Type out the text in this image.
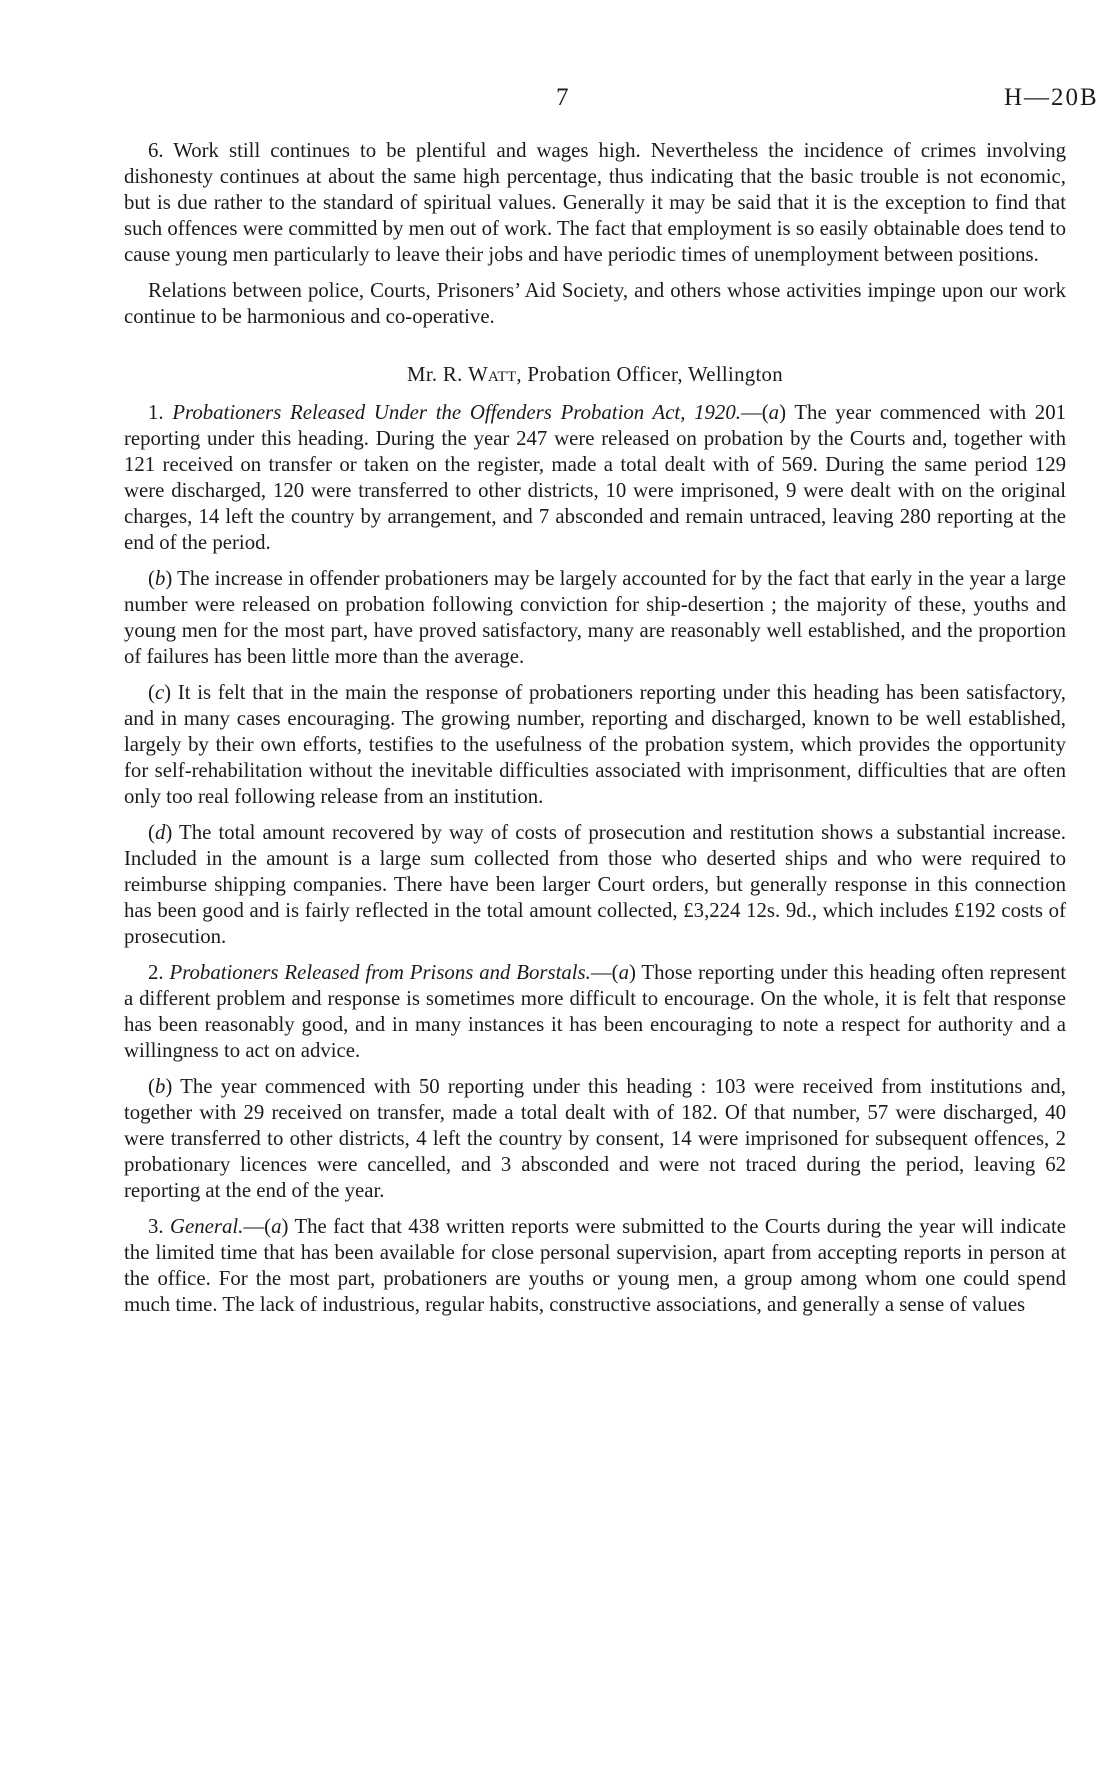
7	H—20B

6. Work still continues to be plentiful and wages high. Nevertheless the incidence of crimes involving dishonesty continues at about the same high percentage, thus indicating that the basic trouble is not economic, but is due rather to the standard of spiritual values. Generally it may be said that it is the exception to find that such offences were committed by men out of work. The fact that employment is so easily obtainable does tend to cause young men particularly to leave their jobs and have periodic times of unemployment between positions.

Relations between police, Courts, Prisoners’ Aid Society, and others whose activities impinge upon our work continue to be harmonious and co-operative.

Mr. R. Watt, Probation Officer, Wellington

1. Probationers Released Under the Offenders Probation Act, 1920.—(a) The year commenced with 201 reporting under this heading. During the year 247 were released on probation by the Courts and, together with 121 received on transfer or taken on the register, made a total dealt with of 569. During the same period 129 were discharged, 120 were transferred to other districts, 10 were imprisoned, 9 were dealt with on the original charges, 14 left the country by arrangement, and 7 absconded and remain untraced, leaving 280 reporting at the end of the period.

(b) The increase in offender probationers may be largely accounted for by the fact that early in the year a large number were released on probation following conviction for ship-desertion ; the majority of these, youths and young men for the most part, have proved satisfactory, many are reasonably well established, and the proportion of failures has been little more than the average.

(c) It is felt that in the main the response of probationers reporting under this heading has been satisfactory, and in many cases encouraging. The growing number, reporting and discharged, known to be well established, largely by their own efforts, testifies to the usefulness of the probation system, which provides the opportunity for self-rehabilitation without the inevitable difficulties associated with imprisonment, difficulties that are often only too real following release from an institution.

(d) The total amount recovered by way of costs of prosecution and restitution shows a substantial increase. Included in the amount is a large sum collected from those who deserted ships and who were required to reimburse shipping companies. There have been larger Court orders, but generally response in this connection has been good and is fairly reflected in the total amount collected, £3,224 12s. 9d., which includes £192 costs of prosecution.

2. Probationers Released from Prisons and Borstals.—(a) Those reporting under this heading often represent a different problem and response is sometimes more difficult to encourage. On the whole, it is felt that response has been reasonably good, and in many instances it has been encouraging to note a respect for authority and a willingness to act on advice.

(b) The year commenced with 50 reporting under this heading : 103 were received from institutions and, together with 29 received on transfer, made a total dealt with of 182. Of that number, 57 were discharged, 40 were transferred to other districts, 4 left the country by consent, 14 were imprisoned for subsequent offences, 2 probationary licences were cancelled, and 3 absconded and were not traced during the period, leaving 62 reporting at the end of the year.

3. General.—(a) The fact that 438 written reports were submitted to the Courts during the year will indicate the limited time that has been available for close personal supervision, apart from accepting reports in person at the office. For the most part, probationers are youths or young men, a group among whom one could spend much time. The lack of industrious, regular habits, constructive associations, and generally a sense of values
